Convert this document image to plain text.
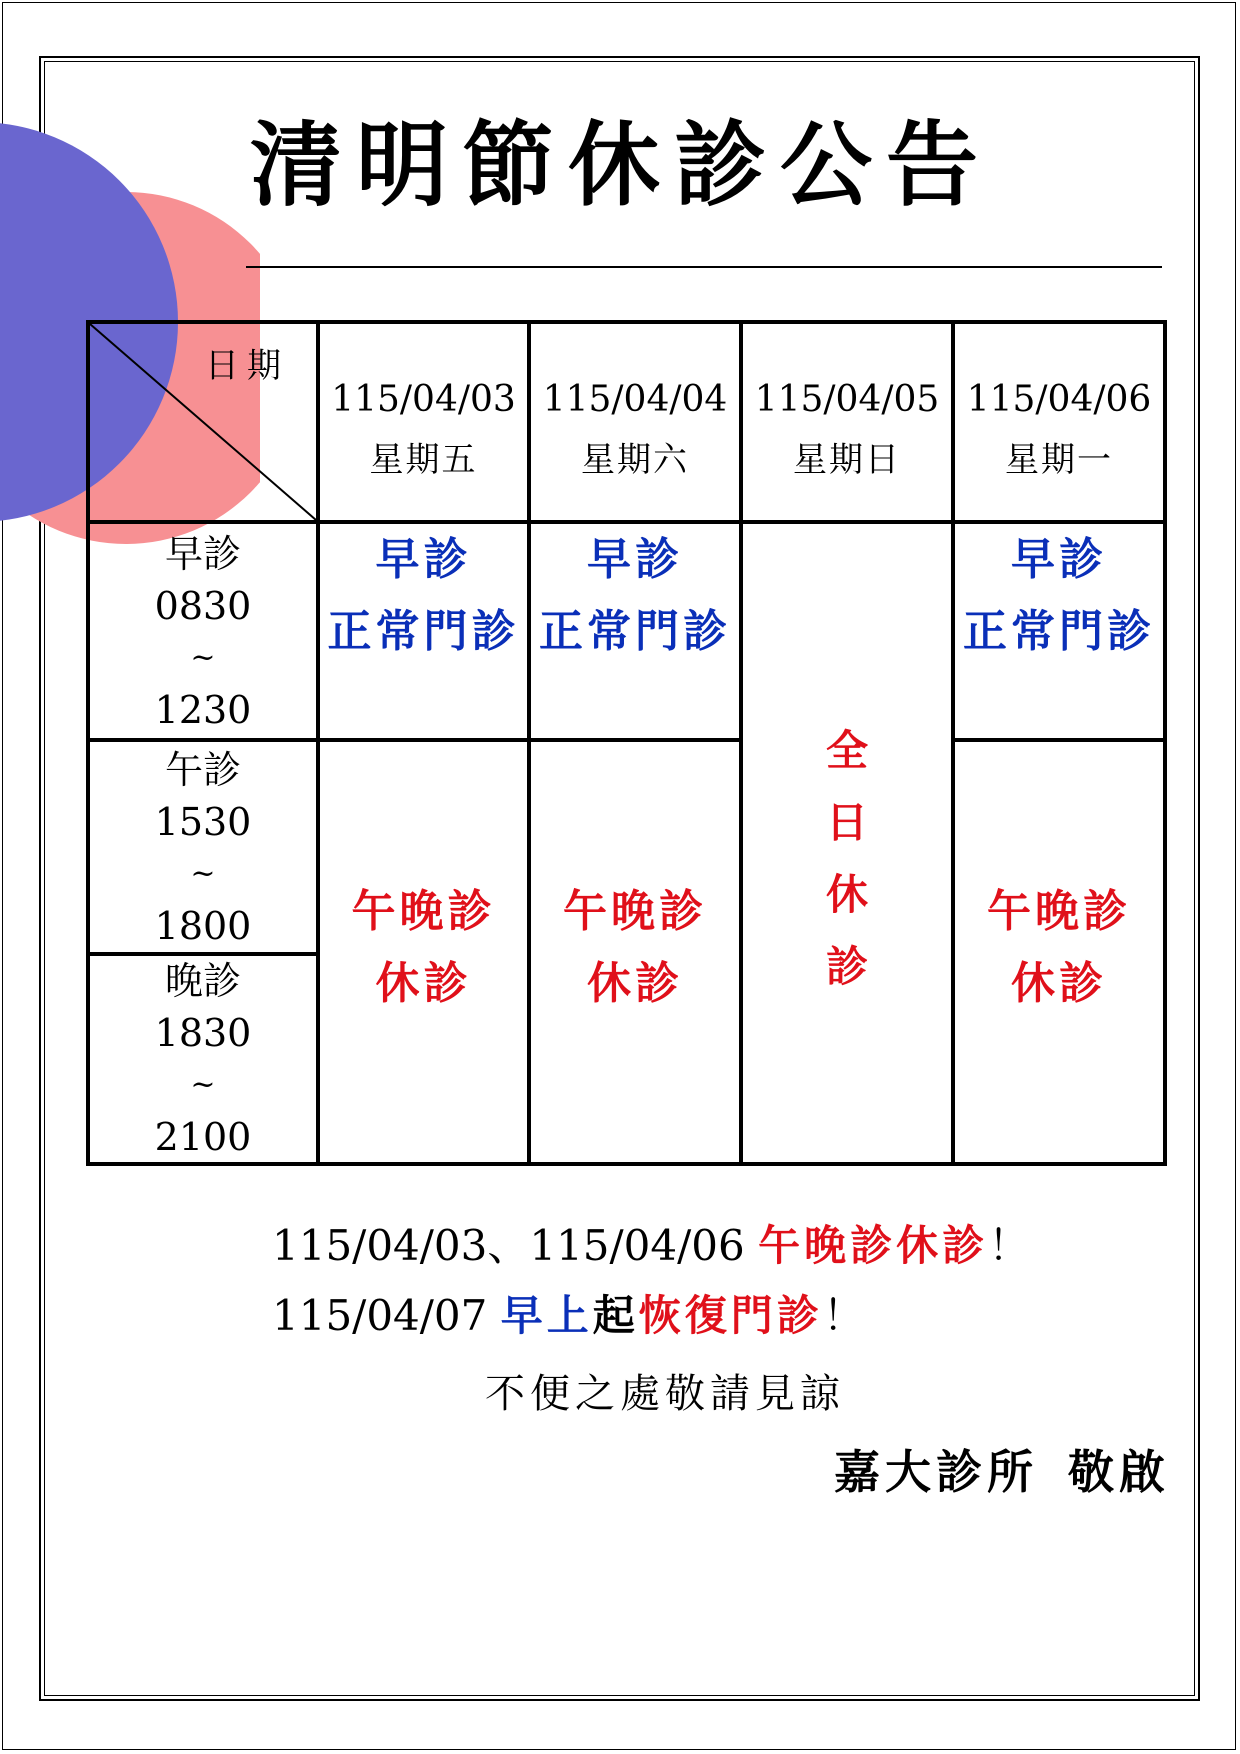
清明節休診公告
日期
115/04/03
星期五
115/04/04
星期六
115/04/05
星期日
115/04/06
星期一
早診
0830
~
1230
午診
1530
~
1800
晚診
1830
~
2100
早診
正常門診
早診
正常門診
早診
正常門診
全
日
休
診
午晚診
休診
午晚診
休診
午晚診
休診
115/04/03、115/04/06 午晚診休診！
115/04/07 早上起恢復門診！
不便之處敬請見諒
嘉大診所 敬啟
